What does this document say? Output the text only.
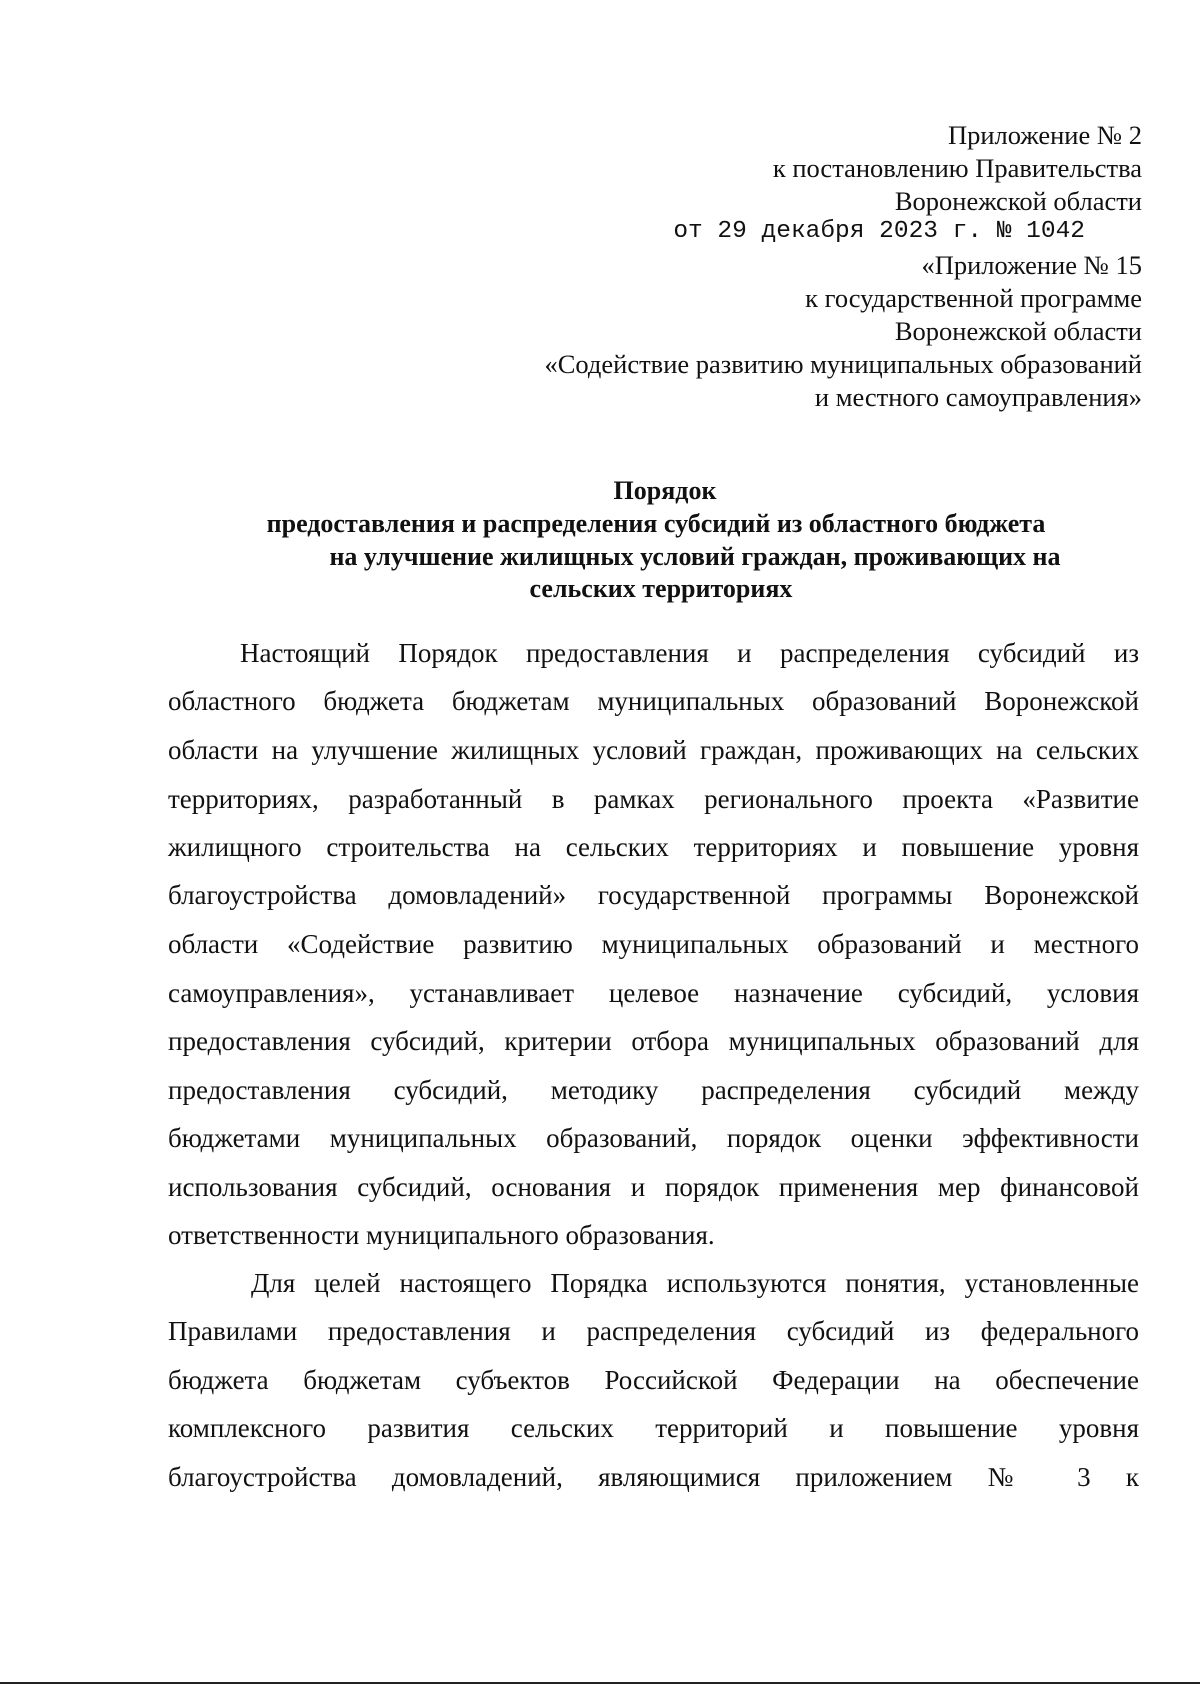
Приложение № 2
к постановлению Правительства
Воронежской области
от 29 декабря 2023 г. № 1042
«Приложение № 15
к государственной программе
Воронежской области
«Содействие развитию муниципальных образований
и местного самоуправления»
Порядок
предоставления и распределения субсидий из областного бюджета
на улучшение жилищных условий граждан, проживающих на
сельских территориях
Настоящий Порядок предоставления и распределения субсидий из
областного бюджета бюджетам муниципальных образований Воронежской
области на улучшение жилищных условий граждан, проживающих на сельских
территориях, разработанный в рамках регионального проекта «Развитие
жилищного строительства на сельских территориях и повышение уровня
благоустройства домовладений» государственной программы Воронежской
области «Содействие развитию муниципальных образований и местного
самоуправления», устанавливает целевое назначение субсидий, условия
предоставления субсидий, критерии отбора муниципальных образований для
предоставления субсидий, методику распределения субсидий между
бюджетами муниципальных образований, порядок оценки эффективности
использования субсидий, основания и порядок применения мер финансовой
ответственности муниципального образования.
Для целей настоящего Порядка используются понятия, установленные
Правилами предоставления и распределения субсидий из федерального
бюджета бюджетам субъектов Российской Федерации на обеспечение
комплексного развития сельских территорий и повышение уровня
благоустройства домовладений, являющимися приложением № 3 к
